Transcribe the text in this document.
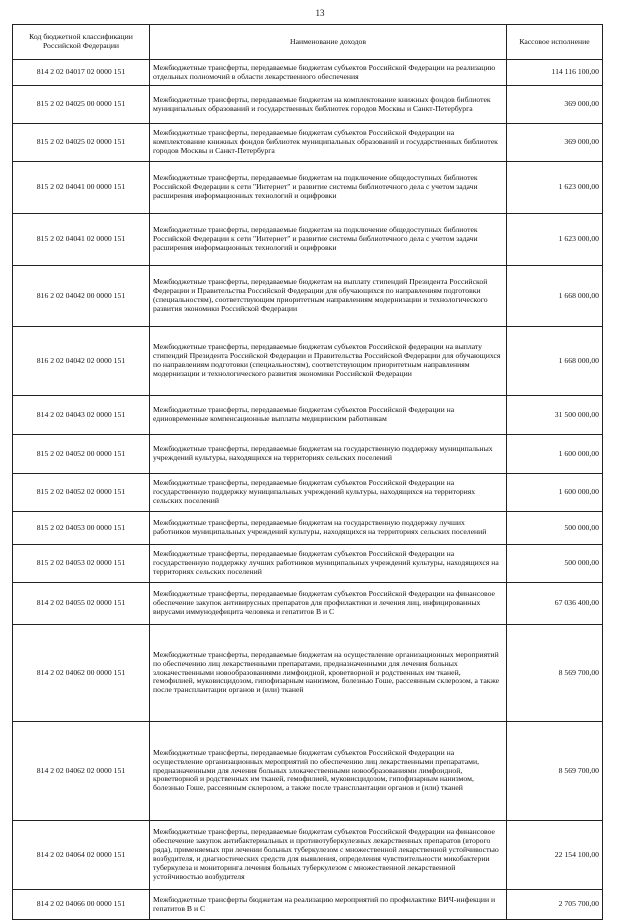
13
Код бюджетной классификации Российской Федерации	Наименование доходов	Кассовое исполнение
814 2 02 04017 02 0000 151	Межбюджетные трансферты, передаваемые бюджетам субъектов Российской Федерации на реализацию отдельных полномочий в области лекарственного обеспечения	114 116 100,00
815 2 02 04025 00 0000 151	Межбюджетные трансферты, передаваемые бюджетам на комплектование книжных фондов библиотек муниципальных образований и государственных библиотек городов Москвы и Санкт-Петербурга	369 000,00
815 2 02 04025 02 0000 151	Межбюджетные трансферты, передаваемые бюджетам субъектов Российской Федерации на комплектование книжных фондов библиотек муниципальных образований и государственных библиотек городов Москвы и Санкт-Петербурга	369 000,00
815 2 02 04041 00 0000 151	Межбюджетные трансферты, передаваемые бюджетам на подключение общедоступных библиотек Российской Федерации к сети "Интернет" и развитие системы библиотечного дела с учетом задачи расширения информационных технологий и оцифровки	1 623 000,00
815 2 02 04041 02 0000 151	Межбюджетные трансферты, передаваемые бюджетам на подключение общедоступных библиотек Российской Федерации к сети "Интернет" и развитие системы библиотечного дела с учетом задачи расширения информационных технологий и оцифровки	1 623 000,00
816 2 02 04042 00 0000 151	Межбюджетные трансферты, передаваемые бюджетам на выплату стипендий Президента Российской Федерации и Правительства Российской Федерации для обучающихся по направлениям подготовки (специальностям), соответствующим приоритетным направлениям модернизации и технологического развития экономики Российской Федерации	1 668 000,00
816 2 02 04042 02 0000 151	Межбюджетные трансферты, передаваемые бюджетам субъектов Российской федерации на выплату стипендий Президента Российской Федерации и Правительства Российской Федерации для обучающихся по направлениям подготовки (специальностям), соответствующим приоритетным направлениям модернизации и технологического развития экономики Российской Федерации	1 668 000,00
814 2 02 04043 02 0000 151	Межбюджетные трансферты, передаваемые бюджетам субъектов Российской Федерации на единовременные компенсационные выплаты медицинским работникам	31 500 000,00
815 2 02 04052 00 0000 151	Межбюджетные трансферты, передаваемые бюджетам на государственную поддержку муниципальных учреждений культуры, находящихся на территориях сельских поселений	1 600 000,00
815 2 02 04052 02 0000 151	Межбюджетные трансферты, передаваемые бюджетам субъектов Российской Федерации на государственную поддержку муниципальных учреждений культуры, находящихся на территориях сельских поселений	1 600 000,00
815 2 02 04053 00 0000 151	Межбюджетные трансферты, передаваемые бюджетам на государственную поддержку лучших работников муниципальных учреждений культуры, находящихся на территориях сельских поселений	500 000,00
815 2 02 04053 02 0000 151	Межбюджетные трансферты, передаваемые бюджетам субъектов Российской Федерации на государственную поддержку лучших работников муниципальных учреждений культуры, находящихся на территориях сельских поселений	500 000,00
814 2 02 04055 02 0000 151	Межбюджетные трансферты, передаваемые бюджетам субъектов Российской Федерации на финансовое обеспечение закупок антивирусных препаратов для профилактики и лечения лиц, инфицированных вирусами иммунодефицита человека и гепатитов В и С	67 036 400,00
814 2 02 04062 00 0000 151	Межбюджетные трансферты, передаваемые бюджетам на осуществление организационных мероприятий по обеспечению лиц лекарственными препаратами, предназначенными для лечения больных злокачественными новообразованиями лимфоидной, кроветворной и родственных им тканей, гемофилией, муковисцидозом, гипофизарным нанизмом, болезнью Гоше, рассеянным склерозом, а также после трансплантации органов и (или) тканей	8 569 700,00
814 2 02 04062 02 0000 151	Межбюджетные трансферты, передаваемые бюджетам субъектов Российской Федерации на осуществление организационных мероприятий по обеспечению лиц лекарственными препаратами, предназначенными для лечения больных злокачественными новообразованиями лимфоидной, кроветворной и родственных им тканей, гемофилией, муковисцидозом, гипофизарным нанизмом, болезнью Гоше, рассеянным склерозом, а также после трансплантации органов и (или) тканей	8 569 700,00
814 2 02 04064 02 0000 151	Межбюджетные трансферты, передаваемые бюджетам субъектов Российской Федерации на финансовое обеспечение закупок антибактериальных и противотуберкулезных лекарственных препаратов (второго ряда), применяемых при лечении больных туберкулезом с множественной лекарственной устойчивостью возбудителя, и диагностических средств для выявления, определения чувствительности микобактерии туберкулеза и мониторинга лечения больных туберкулезом с множественной лекарственной устойчивостью возбудителя	22 154 100,00
814 2 02 04066 00 0000 151	Межбюджетные трансферты бюджетам на реализацию мероприятий по профилактике ВИЧ-инфекции и гепатитов В и С	2 705 700,00
